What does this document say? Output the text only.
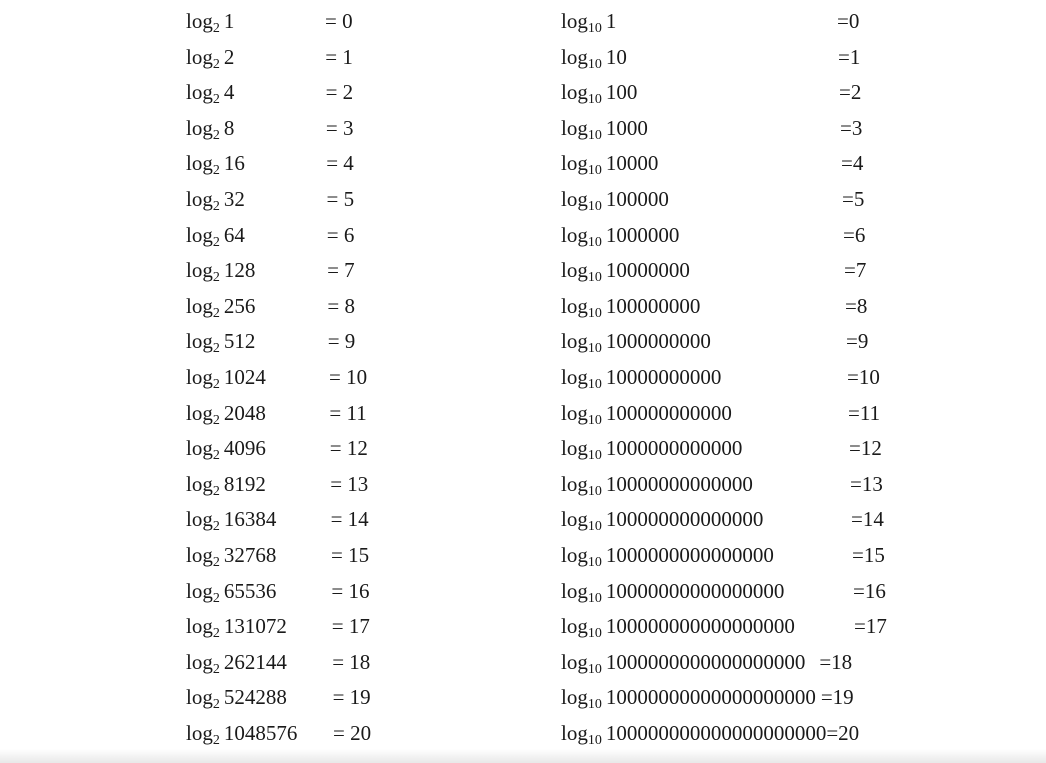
log2 1	= 0
log2 2	= 1
log2 4	= 2
log2 8	= 3
log2 16	= 4
log2 32	= 5
log2 64	= 6
log2 128	= 7
log2 256	= 8
log2 512	= 9
log2 1024	= 10
log2 2048	= 11
log2 4096	= 12
log2 8192	= 13
log2 16384	= 14
log2 32768	= 15
log2 65536	= 16
log2 131072 = 17
log2 262144 = 18
log2 524288 = 19
log2 1048576 = 20
log10 1	=0
log10 10	=1
log10 100	=2
log10 1000	=3
log10 10000	=4
log10 100000	=5
log10 1000000	=6
log10 10000000	=7
log10 100000000	=8
log10 1000000000	=9
log10 10000000000	=10
log10 100000000000	=11
log10 1000000000000	=12
log10 10000000000000	=13
log10 100000000000000	=14
log10 1000000000000000	=15
log10 10000000000000000	=16
log10 100000000000000000	=17
log10 1000000000000000000 =18
log10 10000000000000000000 =19
log10 100000000000000000000=20
